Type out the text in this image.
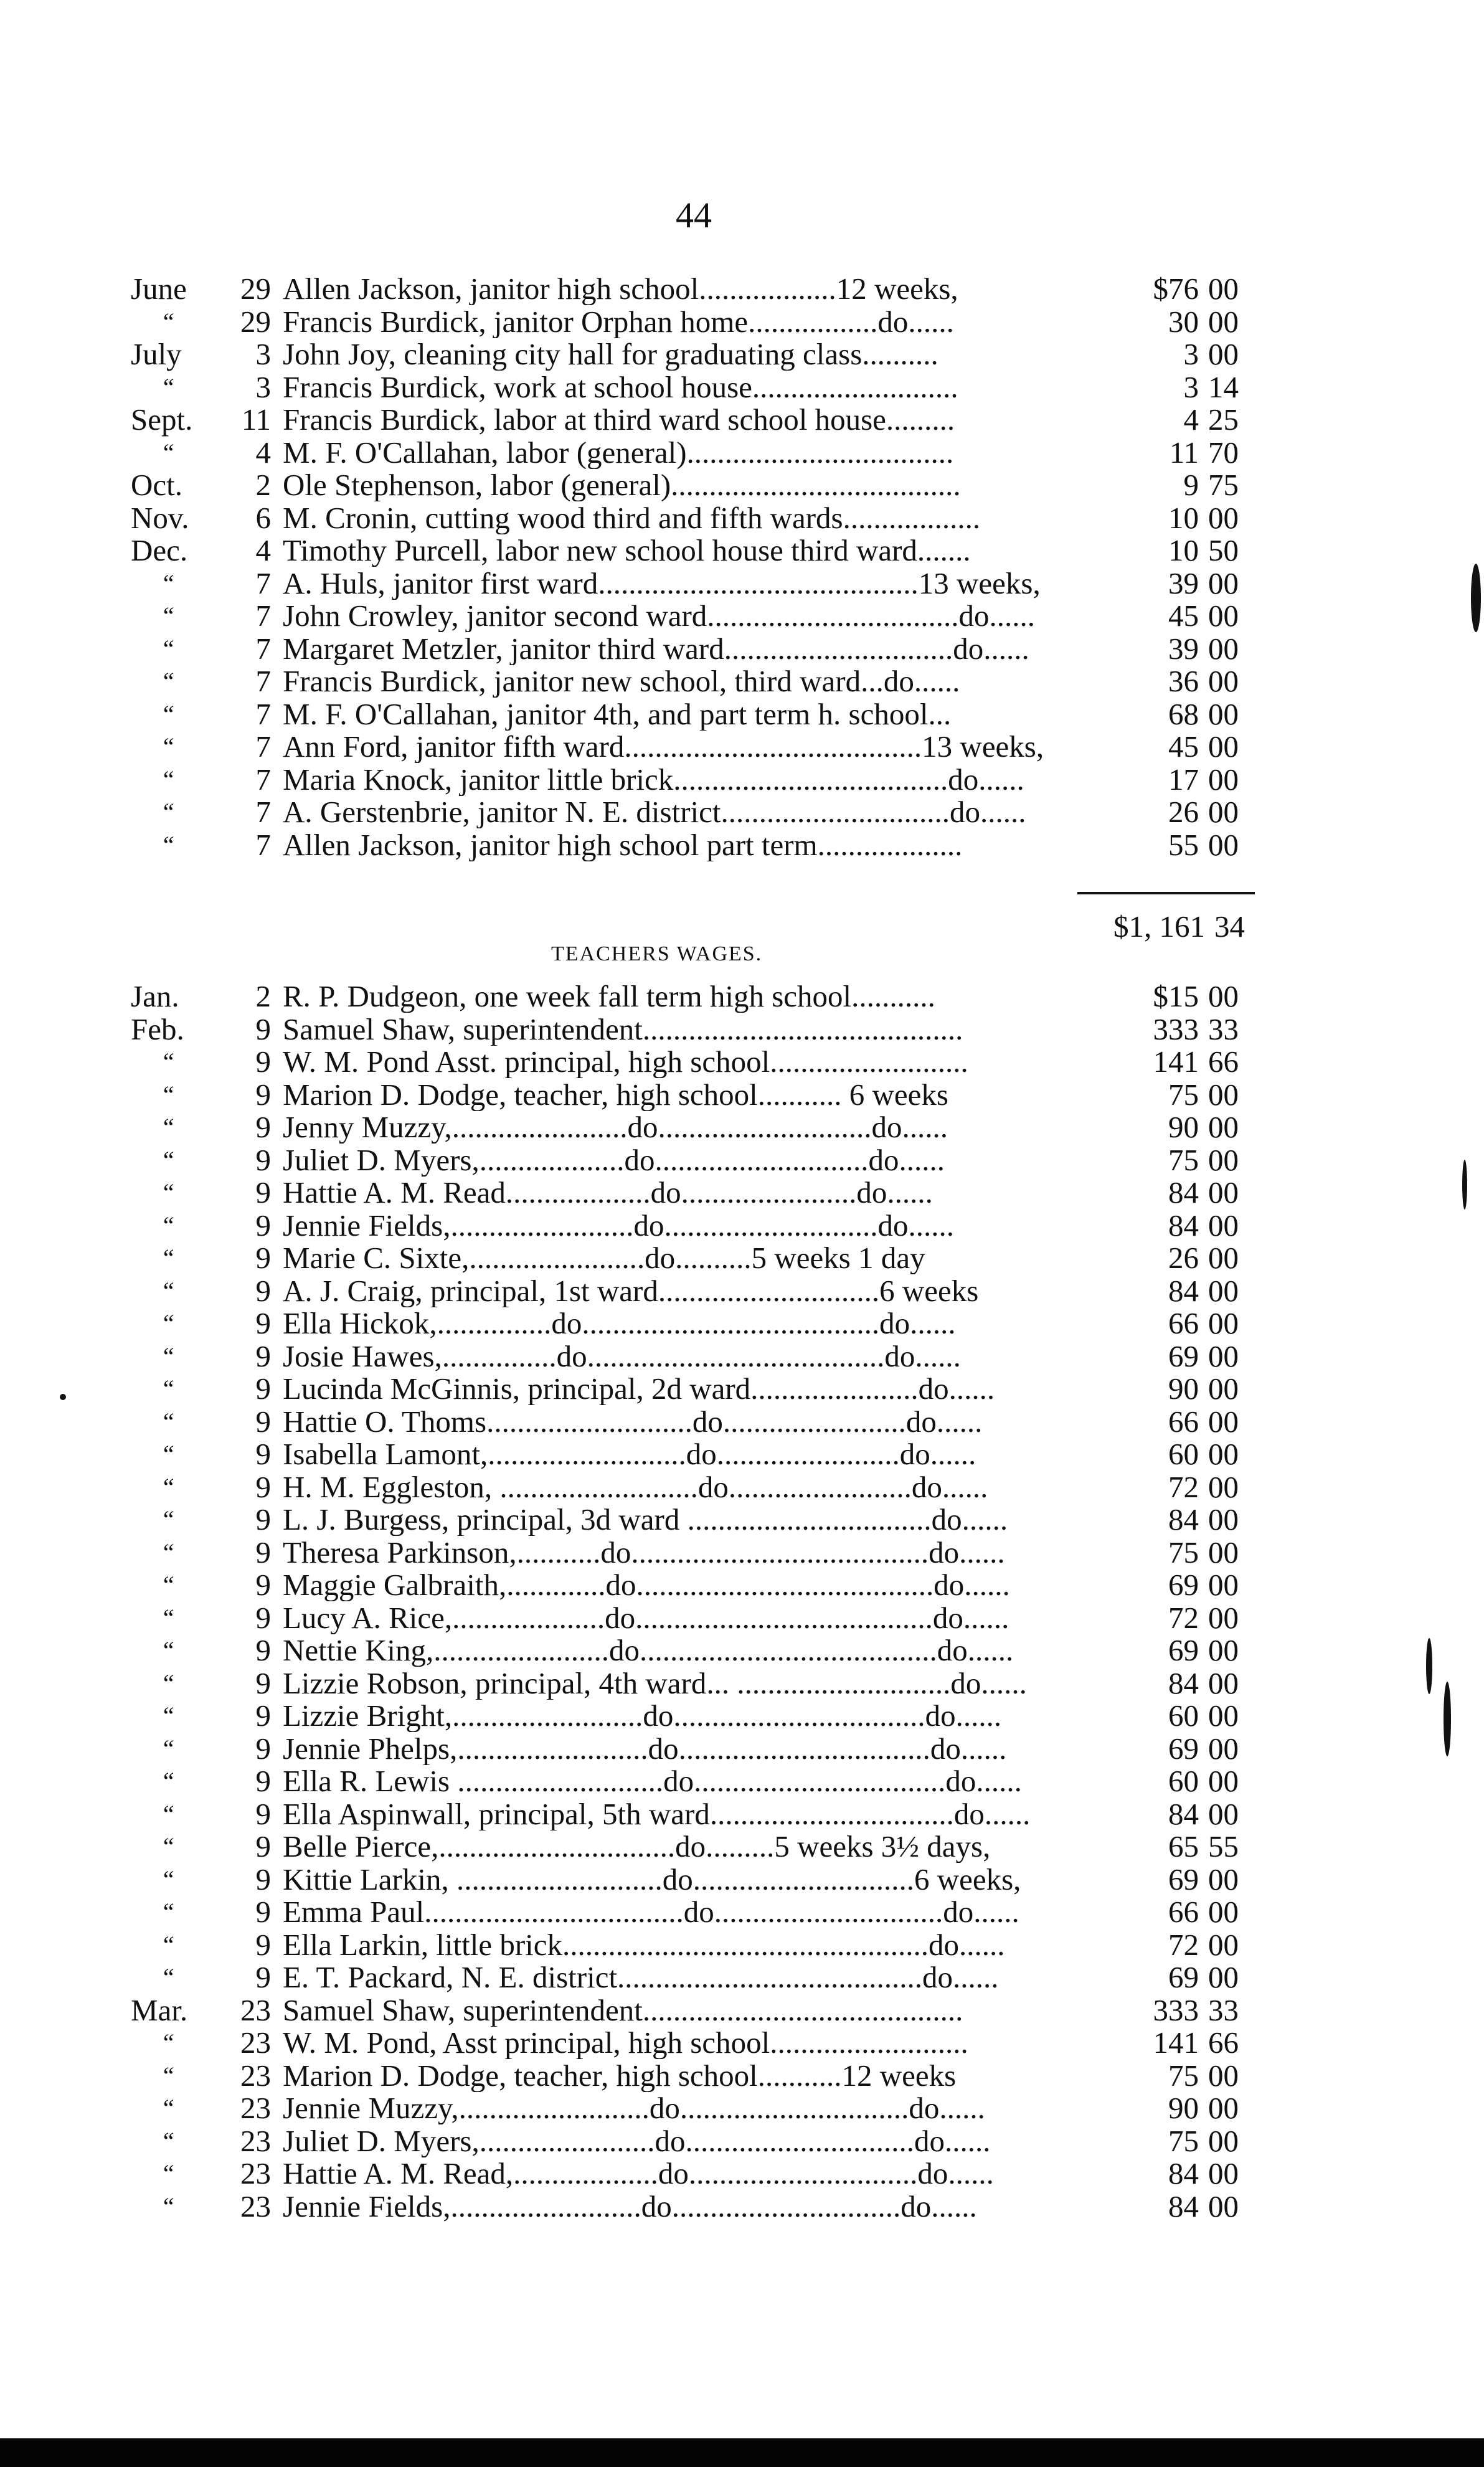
44
June	29 Allen Jackson, janitor high school..................12 weeks,	$76 00
“	29 Francis Burdick, janitor Orphan home.................do......	30 00
July	3 John Joy, cleaning city hall for graduating class..........	3 00
“	3 Francis Burdick, work at school house...........................	3 14
Sept.	11 Francis Burdick, labor at third ward school house.........	4 25
“	4 M. F. O'Callahan, labor (general)...................................	11 70
Oct.	2 Ole Stephenson, labor (general)......................................	9 75
Nov.	6 M. Cronin, cutting wood third and fifth wards..................	10 00
Dec.	4 Timothy Purcell, labor new school house third ward.......	10 50
“	7 A. Huls, janitor first ward..........................................13 weeks,	39 00
“	7 John Crowley, janitor second ward.................................do......	45 00
“	7 Margaret Metzler, janitor third ward..............................do......	39 00
“	7 Francis Burdick, janitor new school, third ward...do......	36 00
“	7 M. F. O'Callahan, janitor 4th, and part term h. school...	68 00
“	7 Ann Ford, janitor fifth ward.......................................13 weeks,	45 00
“	7 Maria Knock, janitor little brick....................................do......	17 00
“	7 A. Gerstenbrie, janitor N. E. district..............................do......	26 00
“	7 Allen Jackson, janitor high school part term...................	55 00
$1, 161 34
TEACHERS WAGES.
Jan.	2 R. P. Dudgeon, one week fall term high school...........	$15 00
Feb.	9 Samuel Shaw, superintendent..........................................	333 33
“	9 W. M. Pond Asst. principal, high school..........................	141 66
“	9 Marion D. Dodge, teacher, high school........... 6 weeks	75 00
“	9 Jenny Muzzy,.......................do............................do......	90 00
“	9 Juliet D. Myers,...................do............................do......	75 00
“	9 Hattie A. M. Read...................do.......................do......	84 00
“	9 Jennie Fields,........................do............................do......	84 00
“	9 Marie C. Sixte,.......................do..........5 weeks 1 day	26 00
“	9 A. J. Craig, principal, 1st ward.............................6 weeks	84 00
“	9 Ella Hickok,...............do.......................................do......	66 00
“	9 Josie Hawes,...............do.......................................do......	69 00
“	9 Lucinda McGinnis, principal, 2d ward......................do......	90 00
“	9 Hattie O. Thoms...........................do........................do......	66 00
“	9 Isabella Lamont,..........................do........................do......	60 00
“	9 H. M. Eggleston, ..........................do........................do......	72 00
“	9 L. J. Burgess, principal, 3d ward ................................do......	84 00
“	9 Theresa Parkinson,...........do.......................................do......	75 00
“	9 Maggie Galbraith,.............do.......................................do......	69 00
“	9 Lucy A. Rice,....................do.......................................do......	72 00
“	9 Nettie King,.......................do.......................................do......	69 00
“	9 Lizzie Robson, principal, 4th ward... ............................do......	84 00
“	9 Lizzie Bright,.........................do.................................do......	60 00
“	9 Jennie Phelps,.........................do.................................do......	69 00
“	9 Ella R. Lewis ...........................do.................................do......	60 00
“	9 Ella Aspinwall, principal, 5th ward................................do......	84 00
“	9 Belle Pierce,...............................do.........5 weeks 3½ days,	65 55
“	9 Kittie Larkin, ...........................do.............................6 weeks,	69 00
“	9 Emma Paul..................................do..............................do......	66 00
“	9 Ella Larkin, little brick................................................do......	72 00
“	9 E. T. Packard, N. E. district........................................do......	69 00
Mar.	23 Samuel Shaw, superintendent..........................................	333 33
“	23 W. M. Pond, Asst principal, high school..........................	141 66
“	23 Marion D. Dodge, teacher, high school...........12 weeks	75 00
“	23 Jennie Muzzy,.........................do..............................do......	90 00
“	23 Juliet D. Myers,.......................do..............................do......	75 00
“	23 Hattie A. M. Read,...................do..............................do......	84 00
“	23 Jennie Fields,.........................do..............................do......	84 00
